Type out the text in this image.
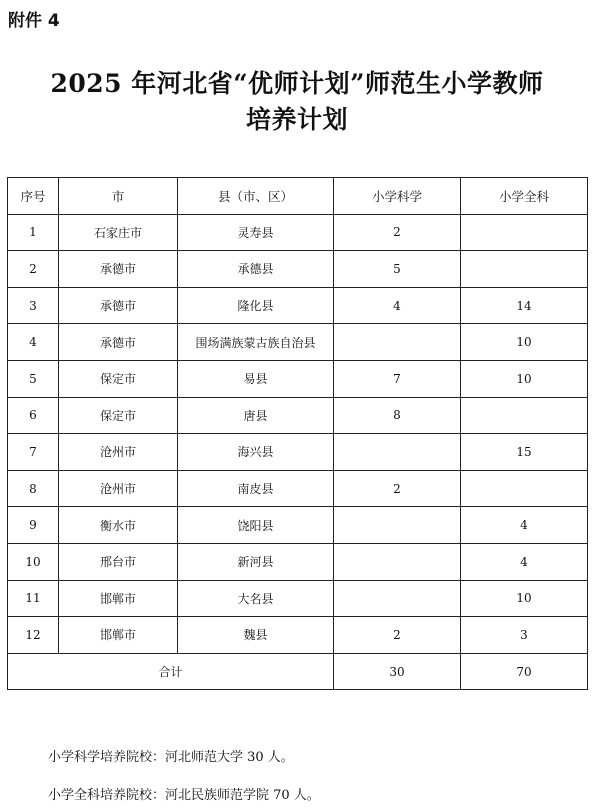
附件 4
2025 年河北省“优师计划”师范生小学教师
培养计划
序号	市	县（市、区）	小学科学	小学全科
1	石家庄市	灵寿县	2	
2	承德市	承德县	5	
3	承德市	隆化县	4	14
4	承德市	围场满族蒙古族自治县		10
5	保定市	易县	7	10
6	保定市	唐县	8	
7	沧州市	海兴县		15
8	沧州市	南皮县	2	
9	衡水市	饶阳县		4
10	邢台市	新河县		4
11	邯郸市	大名县		10
12	邯郸市	魏县	2	3
合计			30	70
小学科学培养院校：河北师范大学 30 人。
小学全科培养院校：河北民族师范学院 70 人。
